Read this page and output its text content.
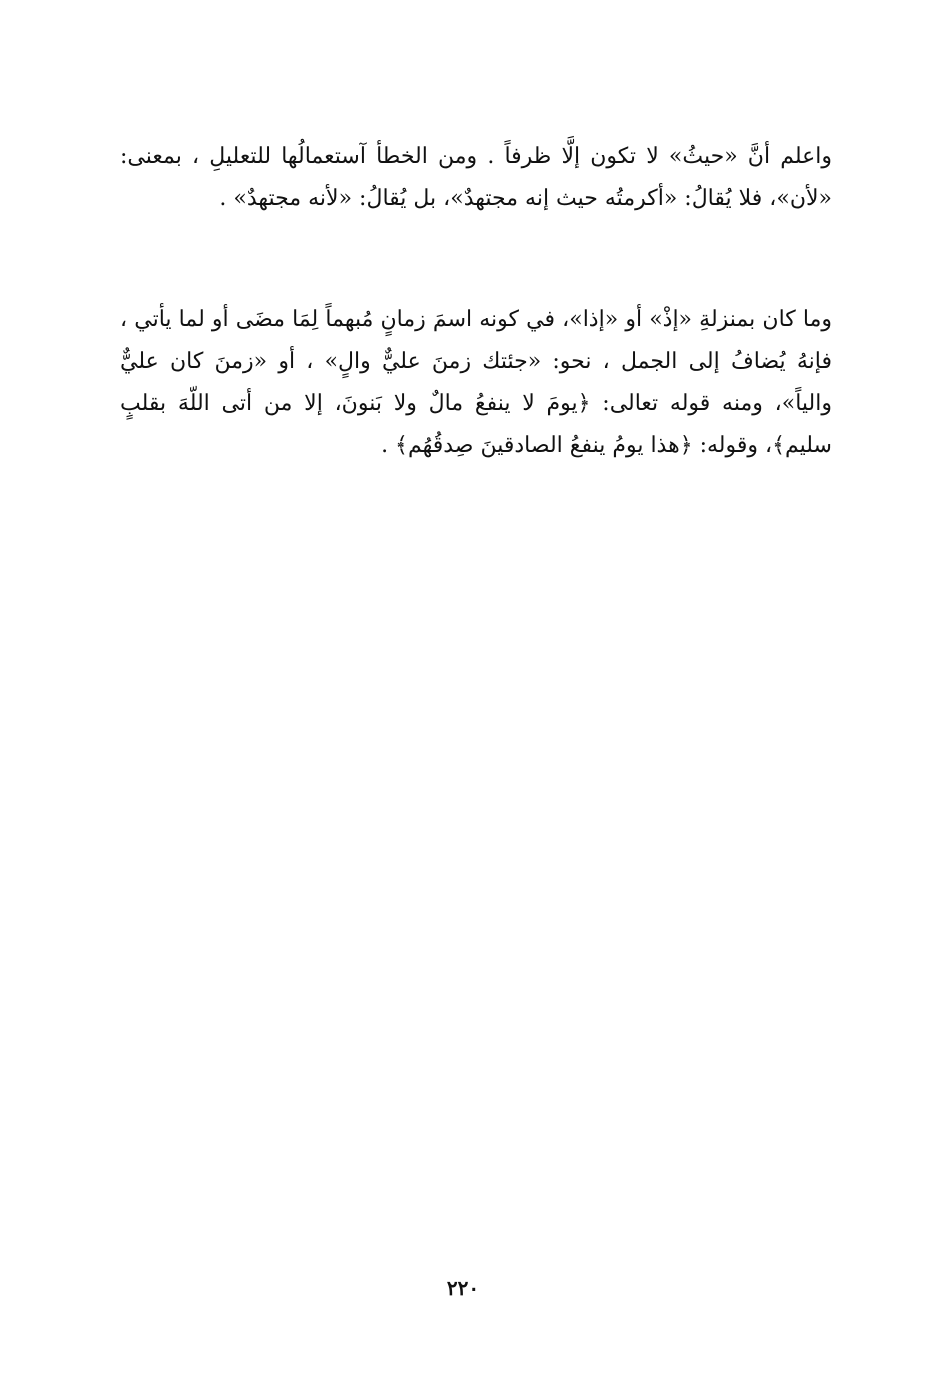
واعلم أنَّ «حيثُ» لا تكون إلَّا ظرفاً . ومن الخطأ آستعمالُها للتعليلِ ، بمعنى: «لأن»، فلا يُقالُ: «أكرمتُه حيث إنه مجتهدٌ»، بل يُقالُ: «لأنه مجتهدٌ» .

وما كان بمنزلةِ «إذْ» أو «إذا»، في كونه اسمَ زمانٍ مُبهماً لِمَا مضَى أو لما يأتي ، فإنهُ يُضافُ إلى الجمل ، نحو: «جئتك زمنَ عليٌّ والٍ» ، أو «زمنَ كان عليٌّ والياً»، ومنه قوله تعالى: ﴿يومَ لا ينفعُ مالٌ ولا بَنونَ، إلا من أتى اللّهَ بقلبٍ سليم﴾، وقوله: ﴿هذا يومُ ينفعُ الصادقينَ صِدقُهُم﴾ .

٢٢٠
